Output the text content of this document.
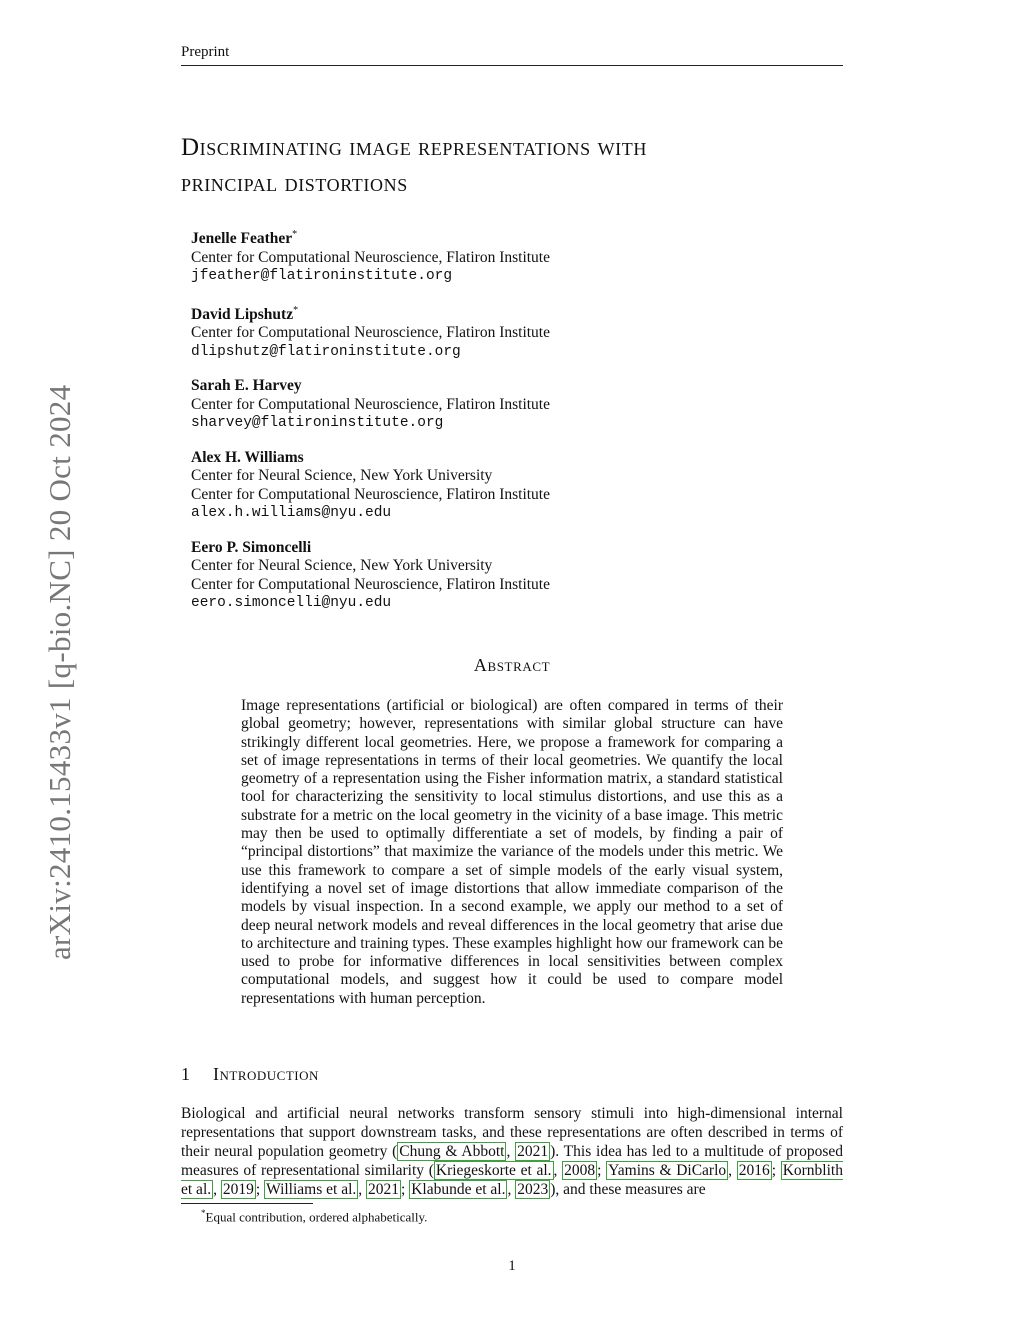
Preprint
arXiv:2410.15433v1 [q-bio.NC] 20 Oct 2024
Discriminating image representations with
principal distortions
Jenelle Feather*
Center for Computational Neuroscience, Flatiron Institute
jfeather@flatironinstitute.org
David Lipshutz*
Center for Computational Neuroscience, Flatiron Institute
dlipshutz@flatironinstitute.org
Sarah E. Harvey
Center for Computational Neuroscience, Flatiron Institute
sharvey@flatironinstitute.org
Alex H. Williams
Center for Neural Science, New York University
Center for Computational Neuroscience, Flatiron Institute
alex.h.williams@nyu.edu
Eero P. Simoncelli
Center for Neural Science, New York University
Center for Computational Neuroscience, Flatiron Institute
eero.simoncelli@nyu.edu
Abstract
Image representations (artificial or biological) are often compared in terms of their global geometry; however, representations with similar global structure can have strikingly different local geometries. Here, we propose a framework for comparing a set of image representations in terms of their local geometries. We quantify the local geometry of a representation using the Fisher information matrix, a standard statistical tool for characterizing the sensitivity to local stimulus distortions, and use this as a substrate for a metric on the local geometry in the vicinity of a base image. This metric may then be used to optimally differentiate a set of models, by finding a pair of “principal distortions” that maximize the variance of the models under this metric. We use this framework to compare a set of simple models of the early visual system, identifying a novel set of image distortions that allow immediate comparison of the models by visual inspection. In a second example, we apply our method to a set of deep neural network models and reveal differences in the local geometry that arise due to architecture and training types. These examples highlight how our framework can be used to probe for informative differences in local sensitivities between complex computational models, and suggest how it could be used to compare model representations with human perception.
1 Introduction
Biological and artificial neural networks transform sensory stimuli into high-dimensional internal representations that support downstream tasks, and these representations are often described in terms of their neural population geometry ( Chung & Abbott , 2021 ). This idea has led to a multitude of proposed measures of representational similarity ( Kriegeskorte et al. , 2008 ; Yamins & DiCarlo , 2016 ; Kornblith et al. , 2019 ; Williams et al. , 2021 ; Klabunde et al. , 2023 ), and these measures are
*Equal contribution, ordered alphabetically.
1
